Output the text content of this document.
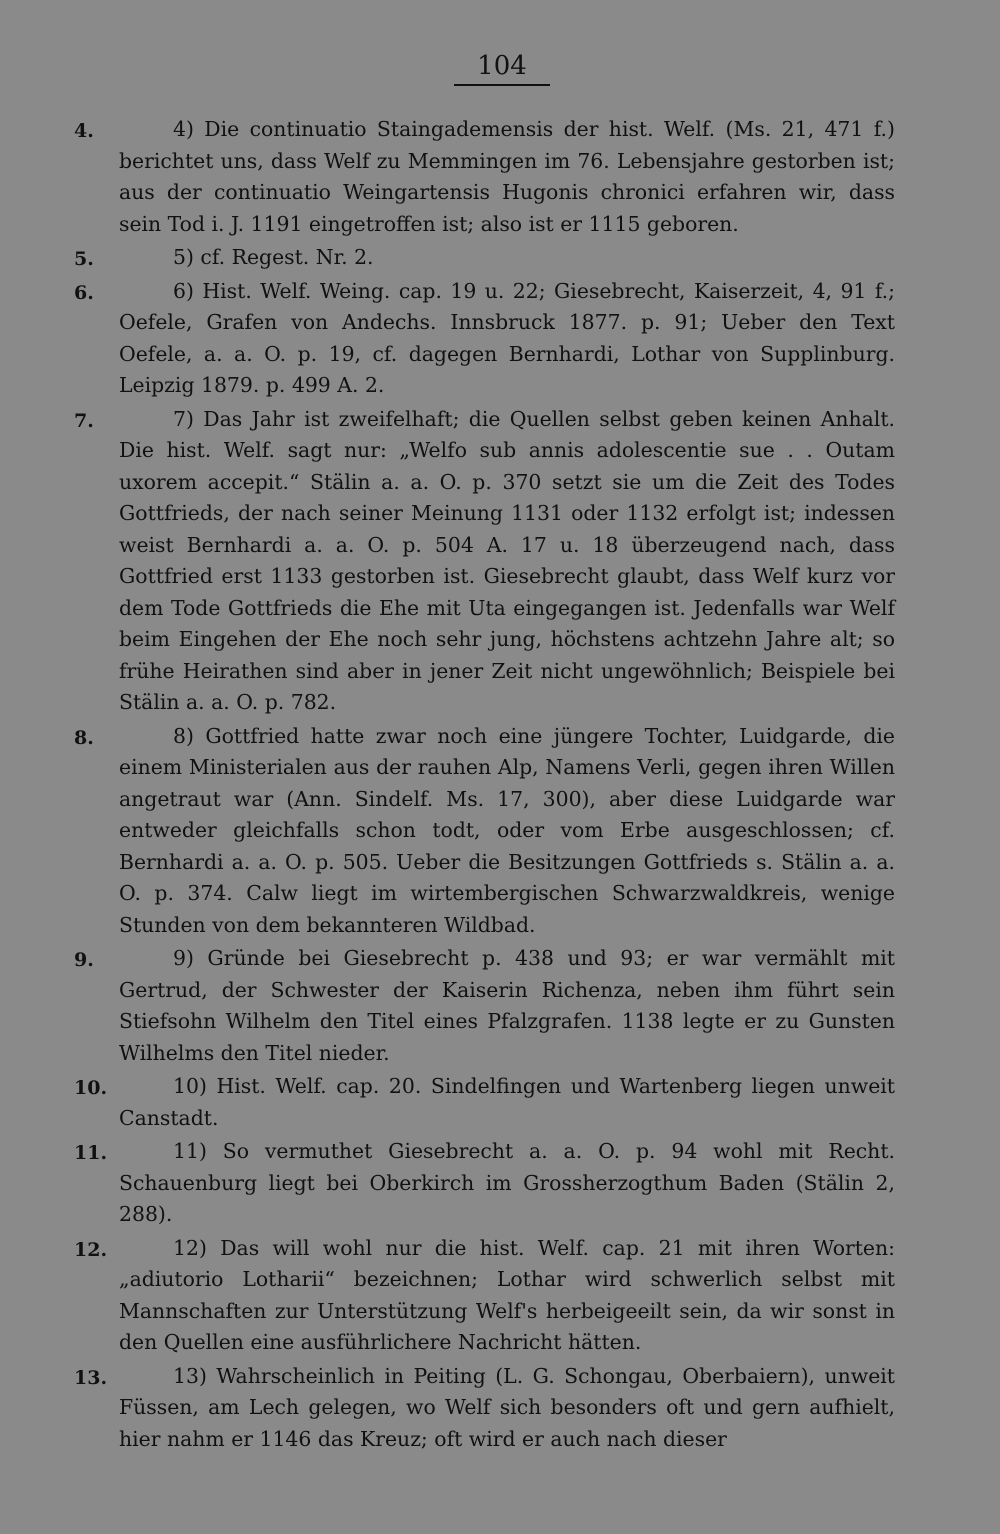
104
4.	4) Die continuatio Staingademensis der hist. Welf. (Ms. 21, 471 f.) berichtet uns, dass Welf zu Memmingen im 76. Lebensjahre gestorben ist; aus der continuatio Weingartensis Hugonis chronici erfahren wir, dass sein Tod i. J. 1191 eingetroffen ist; also ist er 1115 geboren.
5.	5) cf. Regest. Nr. 2.
6.	6) Hist. Welf. Weing. cap. 19 u. 22; Giesebrecht, Kaiserzeit, 4, 91 f.; Oefele, Grafen von Andechs. Innsbruck 1877. p. 91; Ueber den Text Oefele, a. a. O. p. 19, cf. dagegen Bernhardi, Lothar von Supplinburg. Leipzig 1879. p. 499 A. 2.
7.	7) Das Jahr ist zweifelhaft; die Quellen selbst geben keinen Anhalt. Die hist. Welf. sagt nur: „Welfo sub annis adolescentie sue . . Outam uxorem accepit.“ Stälin a. a. O. p. 370 setzt sie um die Zeit des Todes Gottfrieds, der nach seiner Meinung 1131 oder 1132 erfolgt ist; indessen weist Bernhardi a. a. O. p. 504 A. 17 u. 18 überzeugend nach, dass Gottfried erst 1133 gestorben ist. Giesebrecht glaubt, dass Welf kurz vor dem Tode Gottfrieds die Ehe mit Uta eingegangen ist. Jedenfalls war Welf beim Eingehen der Ehe noch sehr jung, höchstens achtzehn Jahre alt; so frühe Heirathen sind aber in jener Zeit nicht ungewöhnlich; Beispiele bei Stälin a. a. O. p. 782.
8.	8) Gottfried hatte zwar noch eine jüngere Tochter, Luidgarde, die einem Ministerialen aus der rauhen Alp, Namens Verli, gegen ihren Willen angetraut war (Ann. Sindelf. Ms. 17, 300), aber diese Luidgarde war entweder gleichfalls schon todt, oder vom Erbe ausgeschlossen; cf. Bernhardi a. a. O. p. 505. Ueber die Besitzungen Gottfrieds s. Stälin a. a. O. p. 374. Calw liegt im wirtembergischen Schwarzwaldkreis, wenige Stunden von dem bekannteren Wildbad.
9.	9) Gründe bei Giesebrecht p. 438 und 93; er war vermählt mit Gertrud, der Schwester der Kaiserin Richenza, neben ihm führt sein Stiefsohn Wilhelm den Titel eines Pfalzgrafen. 1138 legte er zu Gunsten Wilhelms den Titel nieder.
10.	10) Hist. Welf. cap. 20. Sindelfingen und Wartenberg liegen unweit Canstadt.
11.	11) So vermuthet Giesebrecht a. a. O. p. 94 wohl mit Recht. Schauenburg liegt bei Oberkirch im Grossherzogthum Baden (Stälin 2, 288).
12.	12) Das will wohl nur die hist. Welf. cap. 21 mit ihren Worten: „adiutorio Lotharii“ bezeichnen; Lothar wird schwerlich selbst mit Mannschaften zur Unterstützung Welf's herbeigeeilt sein, da wir sonst in den Quellen eine ausführlichere Nachricht hätten.
13.	13) Wahrscheinlich in Peiting (L. G. Schongau, Oberbaiern), unweit Füssen, am Lech gelegen, wo Welf sich besonders oft und gern aufhielt, hier nahm er 1146 das Kreuz; oft wird er auch nach dieser
